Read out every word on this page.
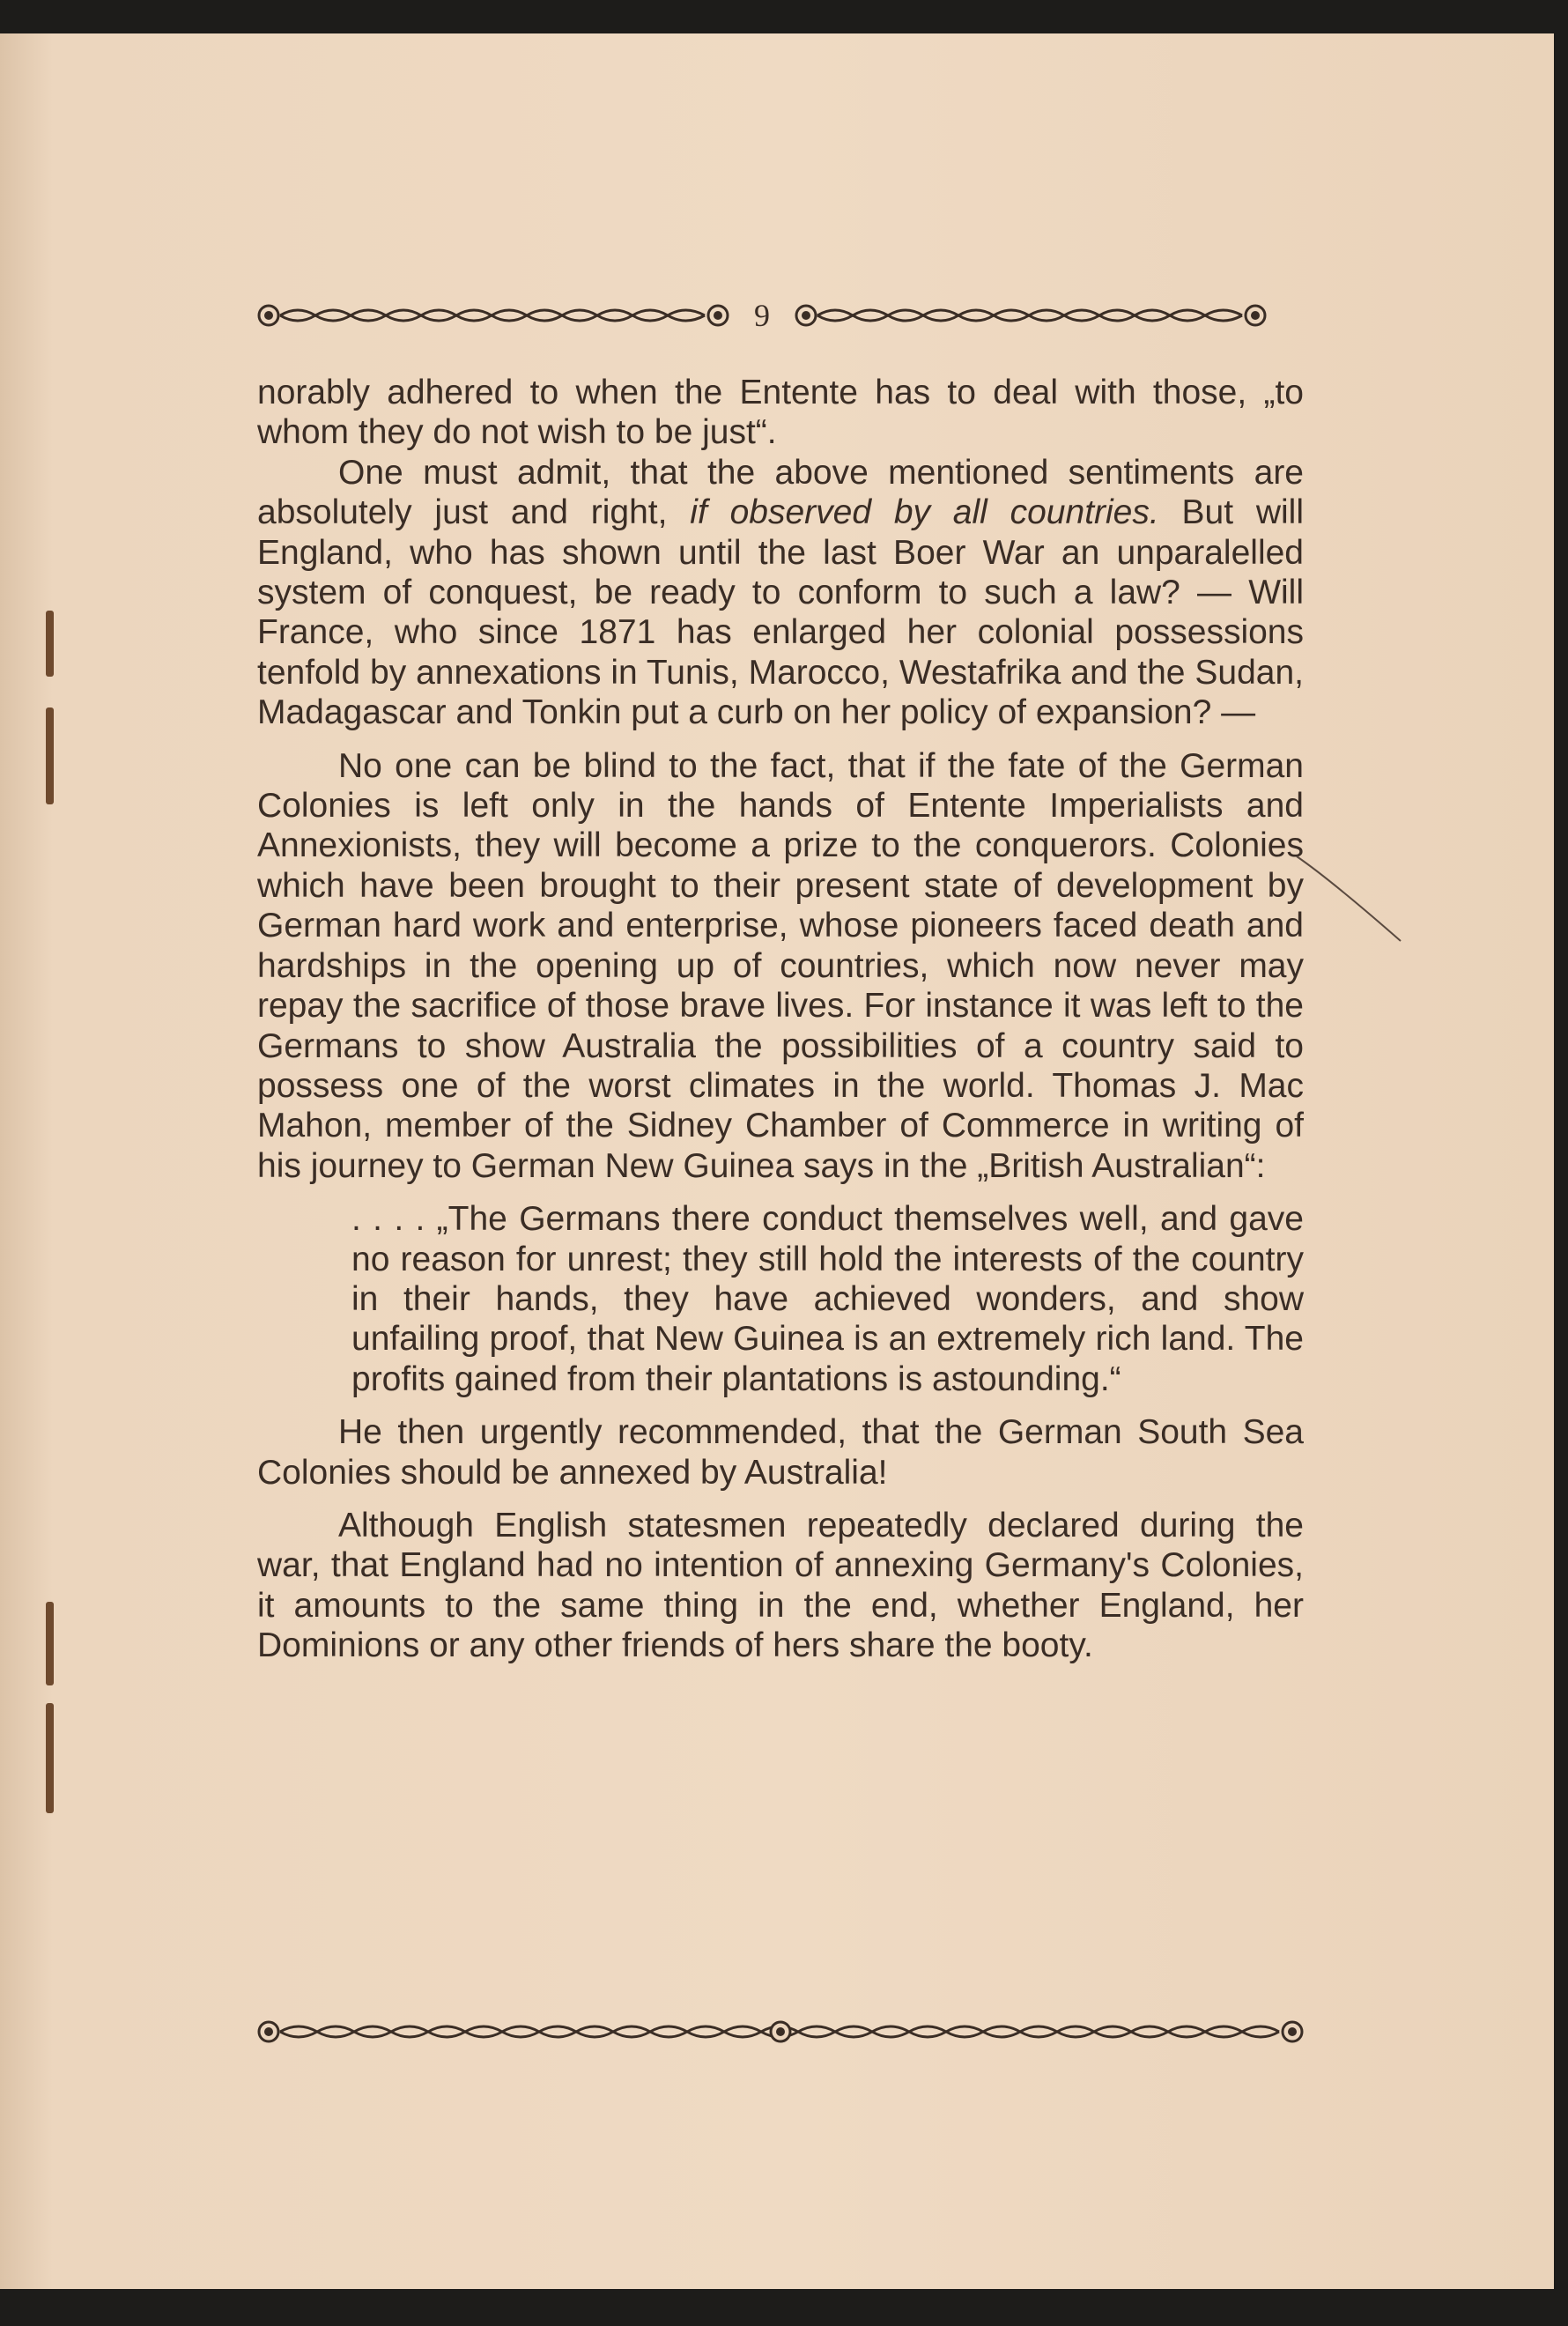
9

norably adhered to when the Entente has to deal with those, „to whom they do not wish to be just“.

One must admit, that the above mentioned sentiments are absolutely just and right, if observed by all countries. But will England, who has shown until the last Boer War an unparalelled system of conquest, be ready to conform to such a law? — Will France, who since 1871 has enlarged her colonial possessions tenfold by annexations in Tunis, Marocco, Westafrika and the Sudan, Madagascar and Tonkin put a curb on her policy of expansion? —

No one can be blind to the fact, that if the fate of the German Colonies is left only in the hands of Entente Imperialists and Annexionists, they will become a prize to the conquerors. Colonies which have been brought to their present state of development by German hard work and enterprise, whose pioneers faced death and hardships in the opening up of countries, which now never may repay the sacrifice of those brave lives. For instance it was left to the Germans to show Australia the possibilities of a country said to possess one of the worst climates in the world. Thomas J. Mac Mahon, member of the Sidney Chamber of Commerce in writing of his journey to German New Guinea says in the „British Australian“:

. . . . „The Germans there conduct themselves well, and gave no reason for unrest; they still hold the interests of the country in their hands, they have achieved wonders, and show unfailing proof, that New Guinea is an extremely rich land. The profits gained from their plantations is astounding.“

He then urgently recommended, that the German South Sea Colonies should be annexed by Australia!

Although English statesmen repeatedly declared during the war, that England had no intention of annexing Germany's Colonies, it amounts to the same thing in the end, whether England, her Dominions or any other friends of hers share the booty.
